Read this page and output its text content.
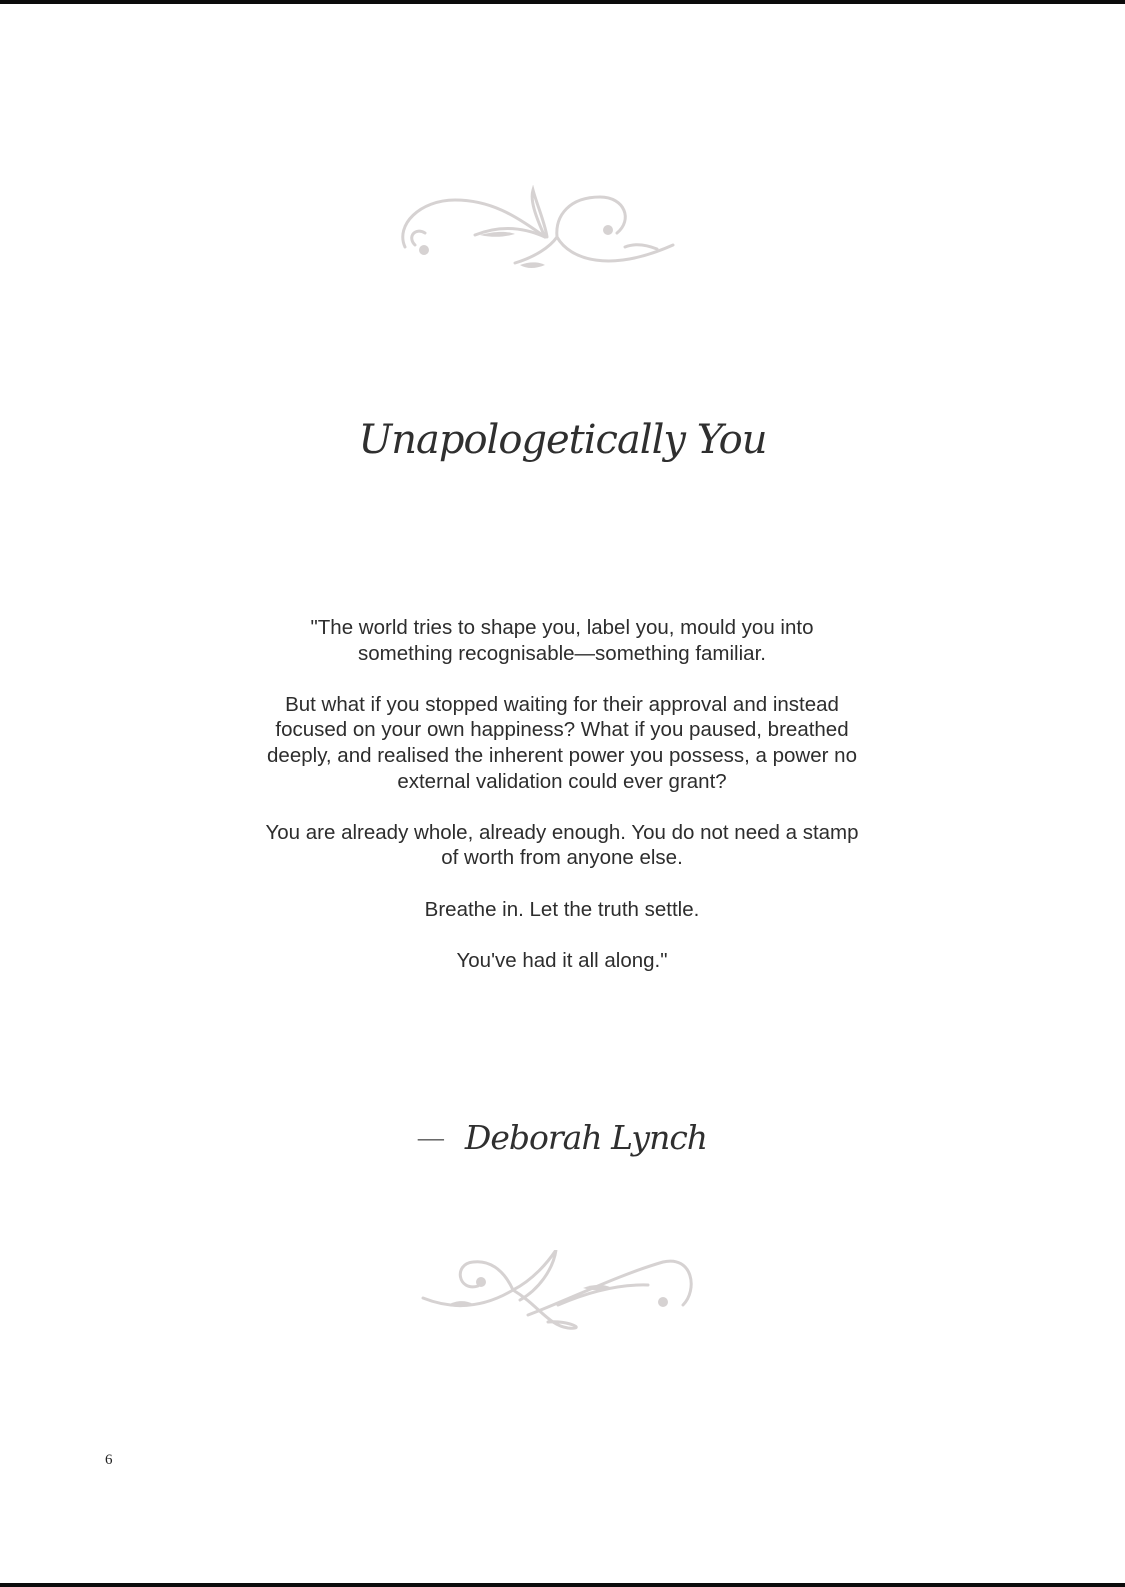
Unapologetically You

"The world tries to shape you, label you, mould you into something recognisable—something familiar.

But what if you stopped waiting for their approval and instead focused on your own happiness? What if you paused, breathed deeply, and realised the inherent power you possess, a power no external validation could ever grant?

You are already whole, already enough. You do not need a stamp of worth from anyone else.

Breathe in. Let the truth settle.

You've had it all along."

— Deborah Lynch
6
